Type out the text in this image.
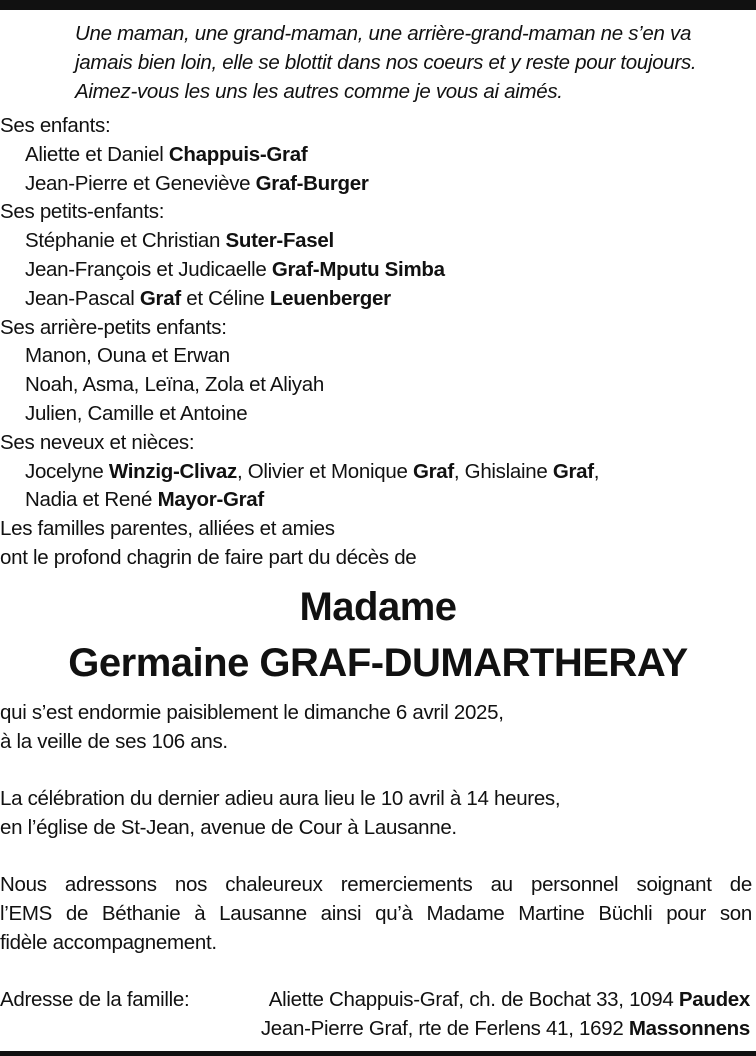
Une maman, une grand-maman, une arrière-grand-maman ne s’en va
jamais bien loin, elle se blottit dans nos coeurs et y reste pour toujours.
Aimez-vous les uns les autres comme je vous ai aimés.
Ses enfants:
Aliette et Daniel Chappuis-Graf
Jean-Pierre et Geneviève Graf-Burger
Ses petits-enfants:
Stéphanie et Christian Suter-Fasel
Jean-François et Judicaelle Graf-Mputu Simba
Jean-Pascal Graf et Céline Leuenberger
Ses arrière-petits enfants:
Manon, Ouna et Erwan
Noah, Asma, Leïna, Zola et Aliyah
Julien, Camille et Antoine
Ses neveux et nièces:
Jocelyne Winzig-Clivaz, Olivier et Monique Graf, Ghislaine Graf,
Nadia et René Mayor-Graf
Les familles parentes, alliées et amies
ont le profond chagrin de faire part du décès de
Madame
Germaine GRAF-DUMARTHERAY
qui s’est endormie paisiblement le dimanche 6 avril 2025,
à la veille de ses 106 ans.
La célébration du dernier adieu aura lieu le 10 avril à 14 heures,
en l’église de St-Jean, avenue de Cour à Lausanne.
Nous adressons nos chaleureux remerciements au personnel soignant de
l’EMS de Béthanie à Lausanne ainsi qu’à Madame Martine Büchli pour son
fidèle accompagnement.
Adresse de la famille:	Aliette Chappuis-Graf, ch. de Bochat 33, 1094 Paudex
Jean-Pierre Graf, rte de Ferlens 41, 1692 Massonnens
